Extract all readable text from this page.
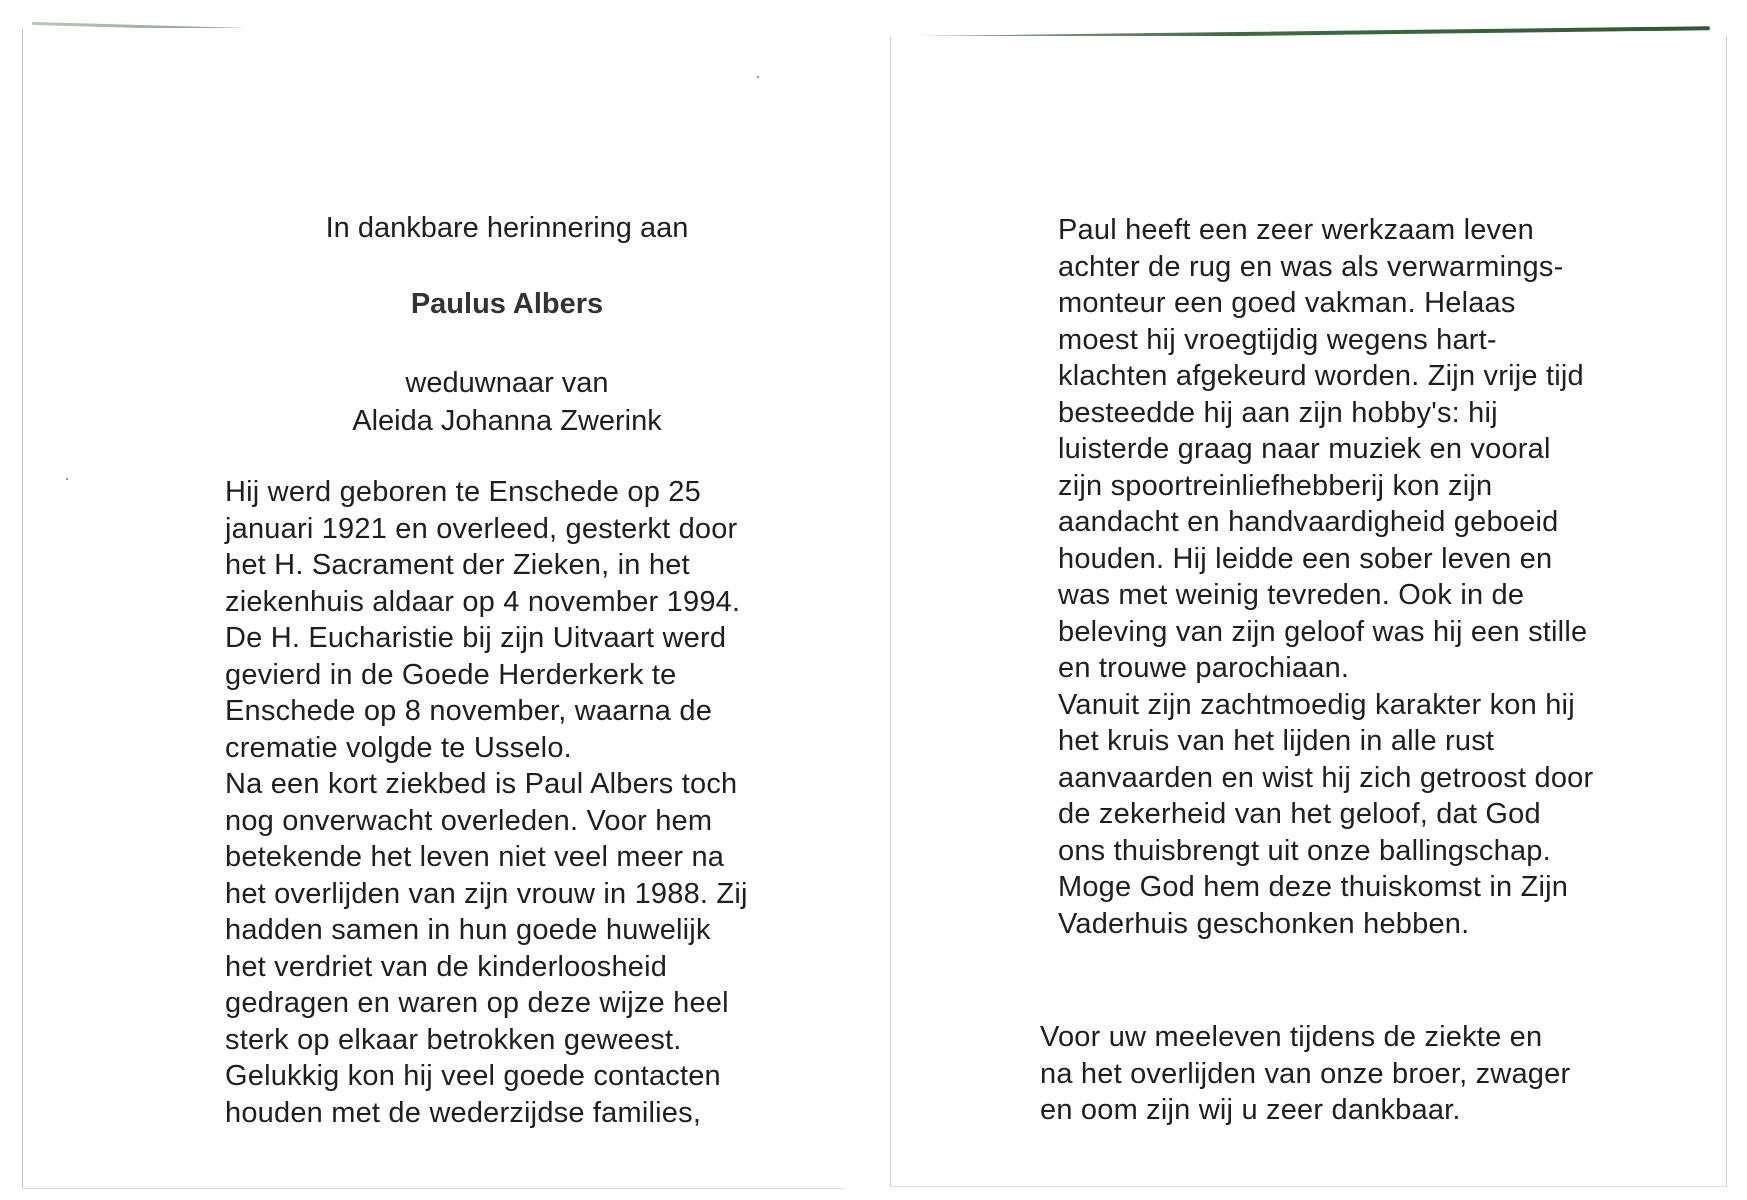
In dankbare herinnering aan
Paulus Albers
weduwnaar van
Aleida Johanna Zwerink
Hij werd geboren te Enschede op 25
januari 1921 en overleed, gesterkt door
het H. Sacrament der Zieken, in het
ziekenhuis aldaar op 4 november 1994.
De H. Eucharistie bij zijn Uitvaart werd
gevierd in de Goede Herderkerk te
Enschede op 8 november, waarna de
crematie volgde te Usselo.
Na een kort ziekbed is Paul Albers toch
nog onverwacht overleden. Voor hem
betekende het leven niet veel meer na
het overlijden van zijn vrouw in 1988. Zij
hadden samen in hun goede huwelijk
het verdriet van de kinderloosheid
gedragen en waren op deze wijze heel
sterk op elkaar betrokken geweest.
Gelukkig kon hij veel goede contacten
houden met de wederzijdse families,
Paul heeft een zeer werkzaam leven
achter de rug en was als verwarmings-
monteur een goed vakman. Helaas
moest hij vroegtijdig wegens hart-
klachten afgekeurd worden. Zijn vrije tijd
besteedde hij aan zijn hobby's: hij
luisterde graag naar muziek en vooral
zijn spoortreinliefhebberij kon zijn
aandacht en handvaardigheid geboeid
houden. Hij leidde een sober leven en
was met weinig tevreden. Ook in de
beleving van zijn geloof was hij een stille
en trouwe parochiaan.
Vanuit zijn zachtmoedig karakter kon hij
het kruis van het lijden in alle rust
aanvaarden en wist hij zich getroost door
de zekerheid van het geloof, dat God
ons thuisbrengt uit onze ballingschap.
Moge God hem deze thuiskomst in Zijn
Vaderhuis geschonken hebben.
Voor uw meeleven tijdens de ziekte en
na het overlijden van onze broer, zwager
en oom zijn wij u zeer dankbaar.
